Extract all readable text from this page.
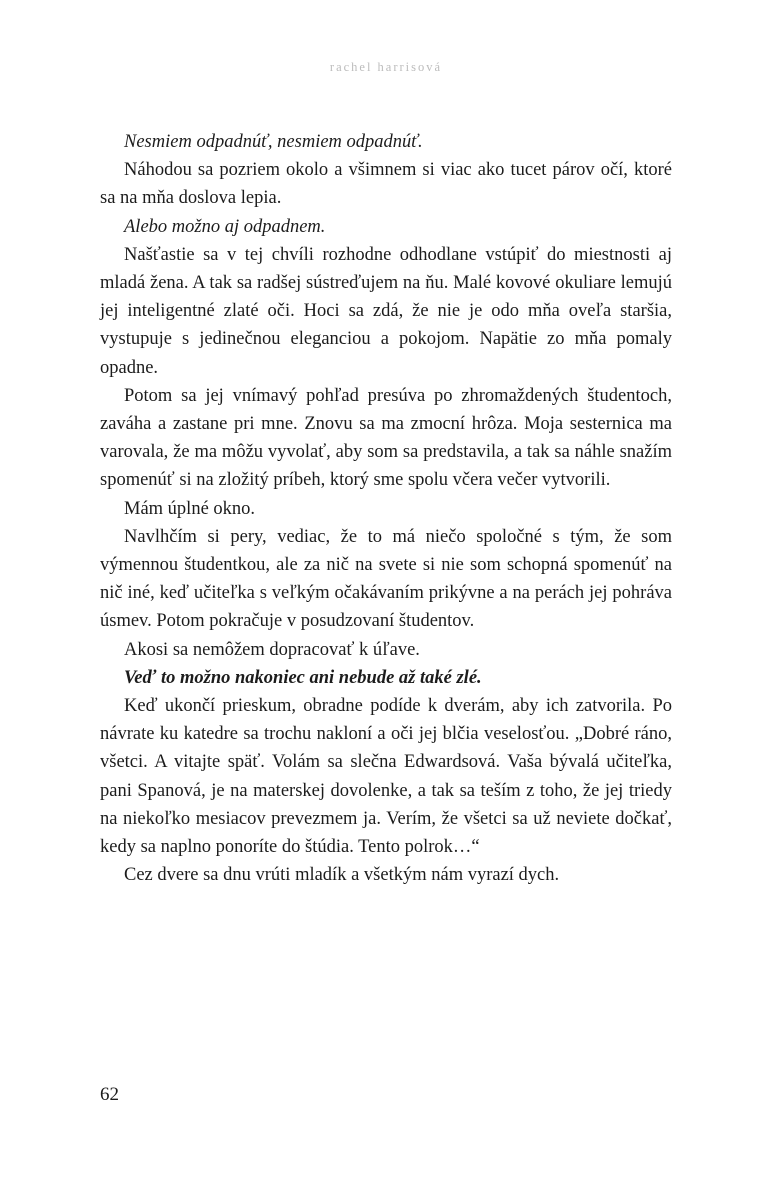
rachel harrisová

Nesmiem odpadnúť, nesmiem odpadnúť.

Náhodou sa pozriem okolo a všimnem si viac ako tucet párov očí, ktoré sa na mňa doslova lepia.

Alebo možno aj odpadnem.

Našťastie sa v tej chvíli rozhodne odhodlane vstúpiť do miestnosti aj mladá žena. A tak sa radšej sústreďujem na ňu. Malé kovové okuliare lemujú jej inteligentné zlaté oči. Hoci sa zdá, že nie je odo mňa oveľa staršia, vystupuje s jedinečnou eleganciou a pokojom. Napätie zo mňa pomaly opadne.

Potom sa jej vnímavý pohľad presúva po zhromaždených študentoch, zaváha a zastane pri mne. Znovu sa ma zmocní hrôza. Moja sesternica ma varovala, že ma môžu vyvolať, aby som sa predstavila, a tak sa náhle snažím spomenúť si na zložitý príbeh, ktorý sme spolu včera večer vytvorili.

Mám úplné okno.

Navlhčím si pery, vediac, že to má niečo spoločné s tým, že som výmennou študentkou, ale za nič na svete si nie som schopná spomenúť na nič iné, keď učiteľka s veľkým očakávaním prikývne a na perách jej pohráva úsmev. Potom pokračuje v posudzovaní študentov.

Akosi sa nemôžem dopracovať k úľave.

Veď to možno nakoniec ani nebude až také zlé.

Keď ukončí prieskum, obradne podíde k dverám, aby ich zatvorila. Po návrate ku katedre sa trochu nakloní a oči jej blčia veselosťou. „Dobré ráno, všetci. A vitajte späť. Volám sa slečna Edwardsová. Vaša bývalá učiteľka, pani Spanová, je na materskej dovolenke, a tak sa teším z toho, že jej triedy na niekoľko mesiacov prevezmem ja. Verím, že všetci sa už neviete dočkať, kedy sa naplno ponoríte do štúdia. Tento polrok…“

Cez dvere sa dnu vrúti mladík a všetkým nám vyrazí dych.

62
